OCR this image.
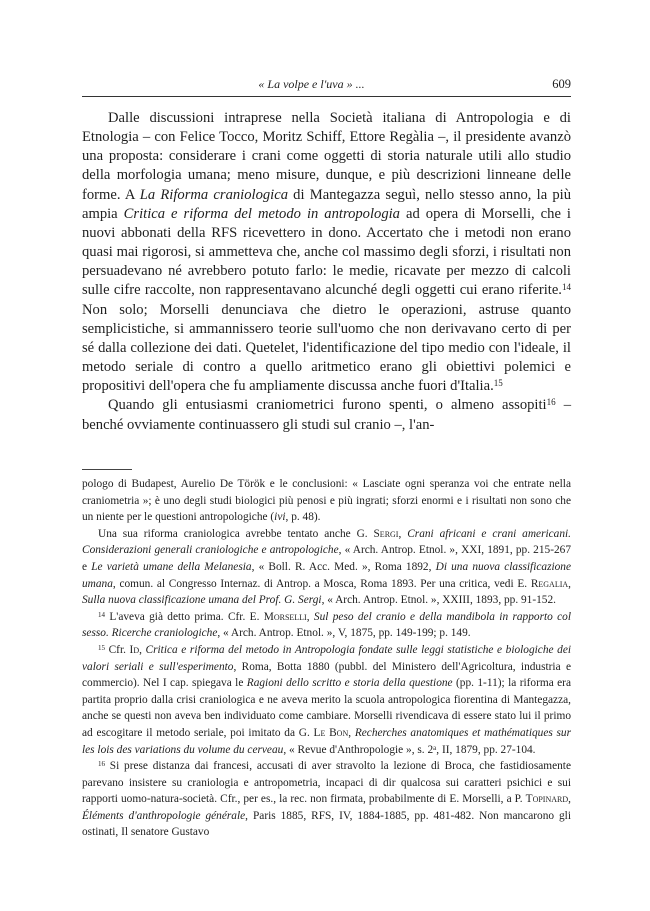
« La volpe e l'uva » ...	609

Dalle discussioni intraprese nella Società italiana di Antropologia e di Etnologia – con Felice Tocco, Moritz Schiff, Ettore Regàlia –, il presidente avanzò una proposta: considerare i crani come oggetti di storia naturale utili allo studio della morfologia umana; meno misure, dunque, e più descrizioni linneane delle forme. A La Riforma craniologica di Mantegazza seguì, nello stesso anno, la più ampia Critica e riforma del metodo in antropologia ad opera di Morselli, che i nuovi abbonati della RFS ricevettero in dono. Accertato che i metodi non erano quasi mai rigorosi, si ammetteva che, anche col massimo degli sforzi, i risultati non persuadevano né avrebbero potuto farlo: le medie, ricavate per mezzo di calcoli sulle cifre raccolte, non rappresentavano alcunché degli oggetti cui erano riferite.$^{14}$ Non solo; Morselli denunciava che dietro le operazioni, astruse quanto semplicistiche, si ammannissero teorie sull'uomo che non derivavano certo di per sé dalla collezione dei dati. Quetelet, l'identificazione del tipo medio con l'ideale, il metodo seriale di contro a quello aritmetico erano gli obiettivi polemici e propositivi dell'opera che fu ampliamente discussa anche fuori d'Italia.$^{15}$

Quando gli entusiasmi craniometrici furono spenti, o almeno assopiti$^{16}$ – benché ovviamente continuassero gli studi sul cranio –, l'an-

pologo di Budapest, Aurelio De Török e le conclusioni: « Lasciate ogni speranza voi che entrate nella craniometria »; è uno degli studi biologici più penosi e più ingrati; sforzi enormi e i risultati non sono che un niente per le questioni antropologiche (ivi, p. 48).

Una sua riforma craniologica avrebbe tentato anche G. Sergi, Crani africani e crani americani. Considerazioni generali craniologiche e antropologiche, « Arch. Antrop. Etnol. », XXI, 1891, pp. 215-267 e Le varietà umane della Melanesia, « Boll. R. Acc. Med. », Roma 1892, Di una nuova classificazione umana, comun. al Congresso Internaz. di Antrop. a Mosca, Roma 1893. Per una critica, vedi E. Regalia, Sulla nuova classificazione umana del Prof. G. Sergi, « Arch. Antrop. Etnol. », XXIII, 1893, pp. 91-152.

$^{14}$ L'aveva già detto prima. Cfr. E. Morselli, Sul peso del cranio e della mandibola in rapporto col sesso. Ricerche craniologiche, « Arch. Antrop. Etnol. », V, 1875, pp. 149-199; p. 149.

$^{15}$ Cfr. Id, Critica e riforma del metodo in Antropologia fondate sulle leggi statistiche e biologiche dei valori seriali e sull'esperimento, Roma, Botta 1880 (pubbl. del Ministero dell'Agricoltura, industria e commercio). Nel I cap. spiegava le Ragioni dello scritto e storia della questione (pp. 1-11); la riforma era partita proprio dalla crisi craniologica e ne aveva merito la scuola antropologica fiorentina di Mantegazza, anche se questi non aveva ben individuato come cambiare. Morselli rivendicava di essere stato lui il primo ad escogitare il metodo seriale, poi imitato da G. Le Bon, Recherches anatomiques et mathématiques sur les lois des variations du volume du cerveau, « Revue d'Anthropologie », s. 2$^a$, II, 1879, pp. 27-104.

$^{16}$ Si prese distanza dai francesi, accusati di aver stravolto la lezione di Broca, che fastidiosamente parevano insistere su craniologia e antropometria, incapaci di dir qualcosa sui caratteri psichici e sui rapporti uomo-natura-società. Cfr., per es., la rec. non firmata, probabilmente di E. Morselli, a P. Topinard, Éléments d'anthropologie générale, Paris 1885, RFS, IV, 1884-1885, pp. 481-482. Non mancarono gli ostinati, Il senatore Gustavo
